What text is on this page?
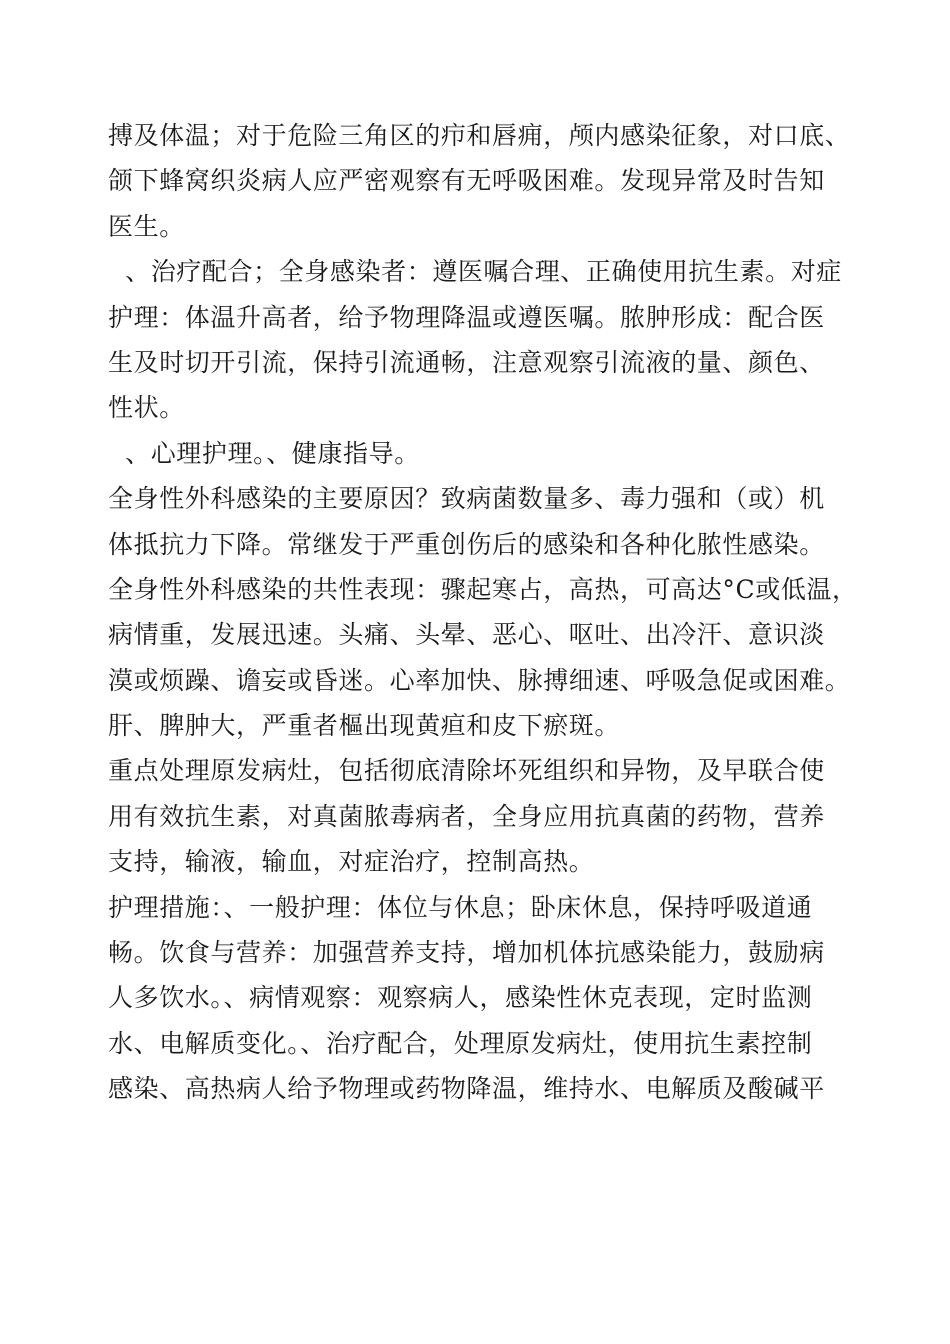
搏及体温；对于危险三角区的疖和唇痈，颅内感染征象，对口底、
颌下蜂窝织炎病人应严密观察有无呼吸困难。发现异常及时告知
医生。
、治疗配合；全身感染者：遵医嘱合理、正确使用抗生素。对症
护理：体温升高者，给予物理降温或遵医嘱。脓肿形成：配合医
生及时切开引流，保持引流通畅，注意观察引流液的量、颜色、
性状。
、心理护理。、健康指导。
全身性外科感染的主要原因？致病菌数量多、毒力强和（或）机
体抵抗力下降。常继发于严重创伤后的感染和各种化脓性感染。
全身性外科感染的共性表现：骤起寒占，高热，可高达°C或低温，
病情重，发展迅速。头痛、头晕、恶心、呕吐、出冷汗、意识淡
漠或烦躁、谵妄或昏迷。心率加快、脉搏细速、呼吸急促或困难。
肝、脾肿大，严重者樞出现黄疸和皮下瘀斑。
重点处理原发病灶，包括彻底清除坏死组织和异物，及早联合使
用有效抗生素，对真菌脓毒病者，全身应用抗真菌的药物，营养
支持，输液，输血，对症治疗，控制高热。
护理措施：、一般护理：体位与休息；卧床休息，保持呼吸道通
畅。饮食与营养：加强营养支持，增加机体抗感染能力，鼓励病
人多饮水。、病情观察：观察病人，感染性休克表现，定时监测
水、电解质变化。、治疗配合，处理原发病灶，使用抗生素控制
感染、高热病人给予物理或药物降温，维持水、电解质及酸碱平
